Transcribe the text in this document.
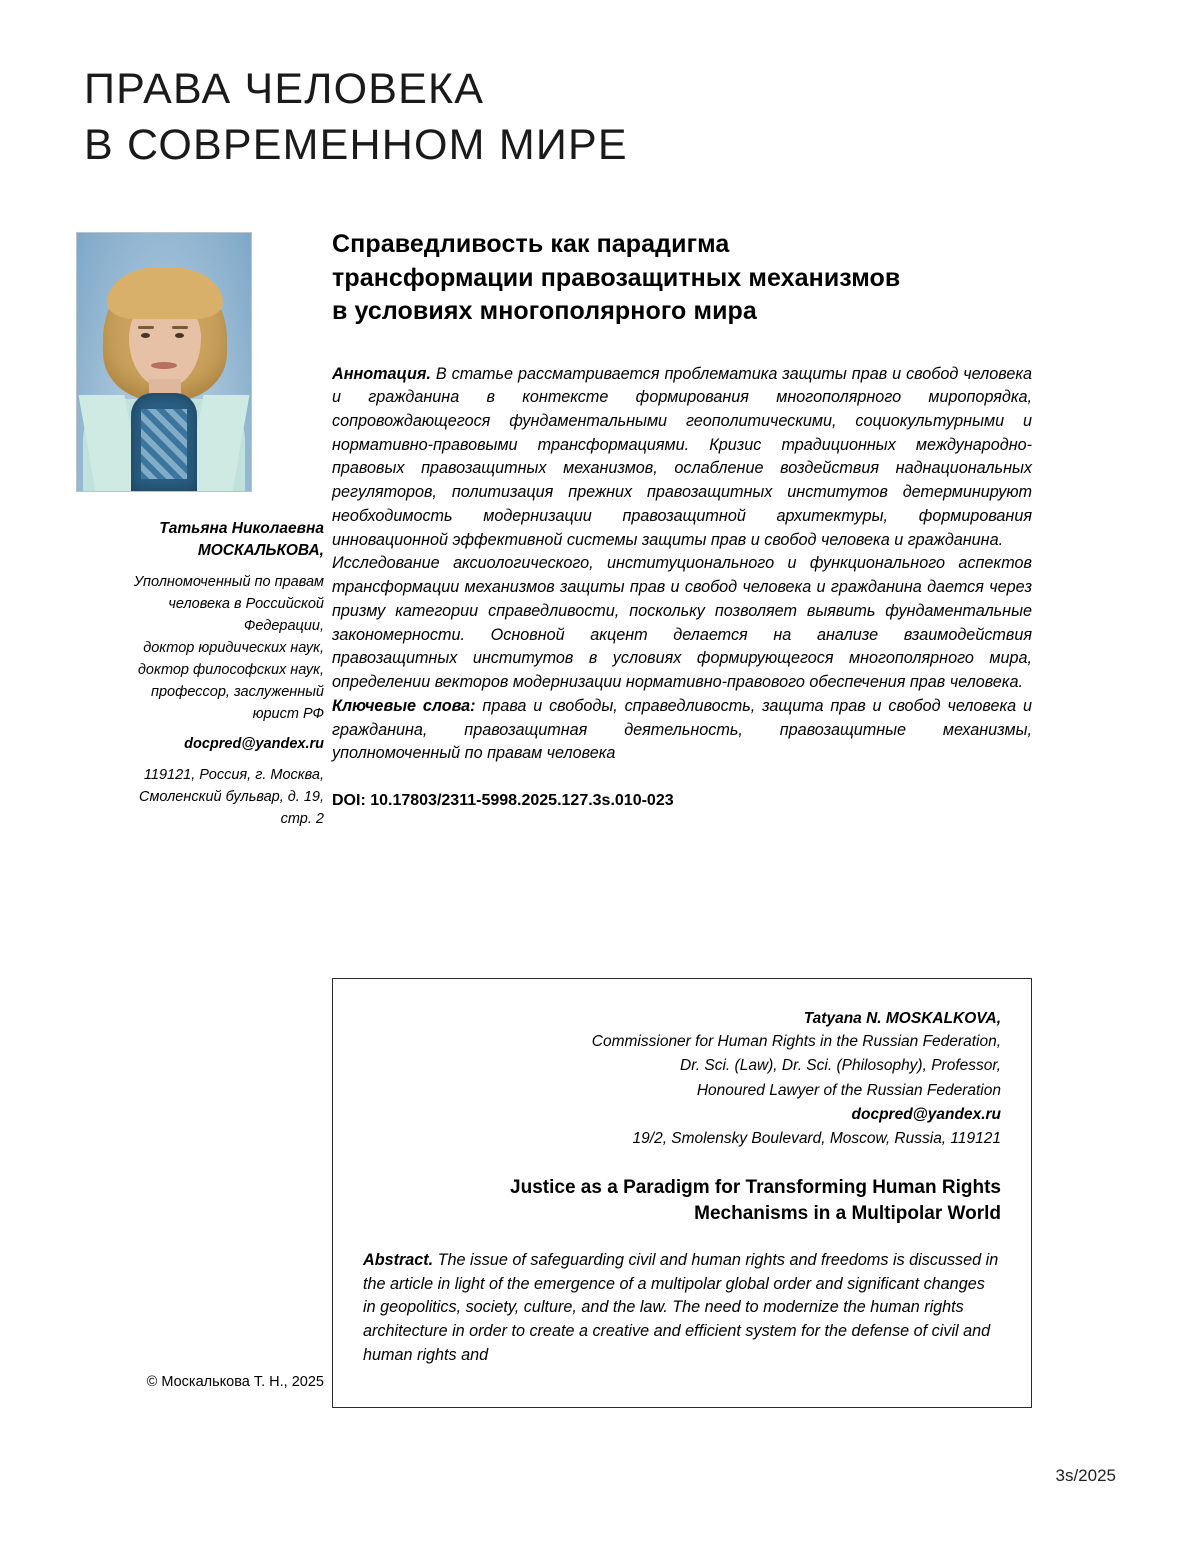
ПРАВА ЧЕЛОВЕКА
В СОВРЕМЕННОМ МИРЕ
Татьяна Николаевна
МОСКАЛЬКОВА,
Уполномоченный по правам
человека в Российской
Федерации,
доктор юридических наук,
доктор философских наук,
профессор, заслуженный
юрист РФ
docpred@yandex.ru
119121, Россия, г. Москва,
Смоленский бульвар, д. 19,
стр. 2
© Москалькова Т. Н., 2025
Справедливость как парадигма
трансформации правозащитных механизмов
в условиях многополярного мира

Аннотация. В статье рассматривается проблематика защиты прав и свобод человека и гражданина в контексте формирования многополярного миропорядка, сопровождающегося фундаментальными геополитическими, социокультурными и нормативно-правовыми трансформациями. Кризис традиционных международно-правовых правозащитных механизмов, ослабление воздействия наднациональных регуляторов, политизация прежних правозащитных институтов детерминируют необходимость модернизации правозащитной архитектуры, формирования инновационной эффективной системы защиты прав и свобод человека и гражданина.

Исследование аксиологического, институционального и функционального аспектов трансформации механизмов защиты прав и свобод человека и гражданина дается через призму категории справедливости, поскольку позволяет выявить фундаментальные закономерности. Основной акцент делается на анализе взаимодействия правозащитных институтов в условиях формирующегося многополярного мира, определении векторов модернизации нормативно-правового обеспечения прав человека.

Ключевые слова: права и свободы, справедливость, защита прав и свобод человека и гражданина, правозащитная деятельность, правозащитные механизмы, уполномоченный по правам человека

DOI: 10.17803/2311-5998.2025.127.3s.010-023
Tatyana N. MOSKALKOVA,
Commissioner for Human Rights in the Russian Federation,
Dr. Sci. (Law), Dr. Sci. (Philosophy), Professor,
Honoured Lawyer of the Russian Federation
docpred@yandex.ru
19/2, Smolensky Boulevard, Moscow, Russia, 119121
Justice as a Paradigm for Transforming Human Rights
Mechanisms in a Multipolar World
Abstract. The issue of safeguarding civil and human rights and freedoms is discussed in the article in light of the emergence of a multipolar global order and significant changes in geopolitics, society, culture, and the law. The need to modernize the human rights architecture in order to create a creative and efficient system for the defense of civil and human rights and
3s/2025
